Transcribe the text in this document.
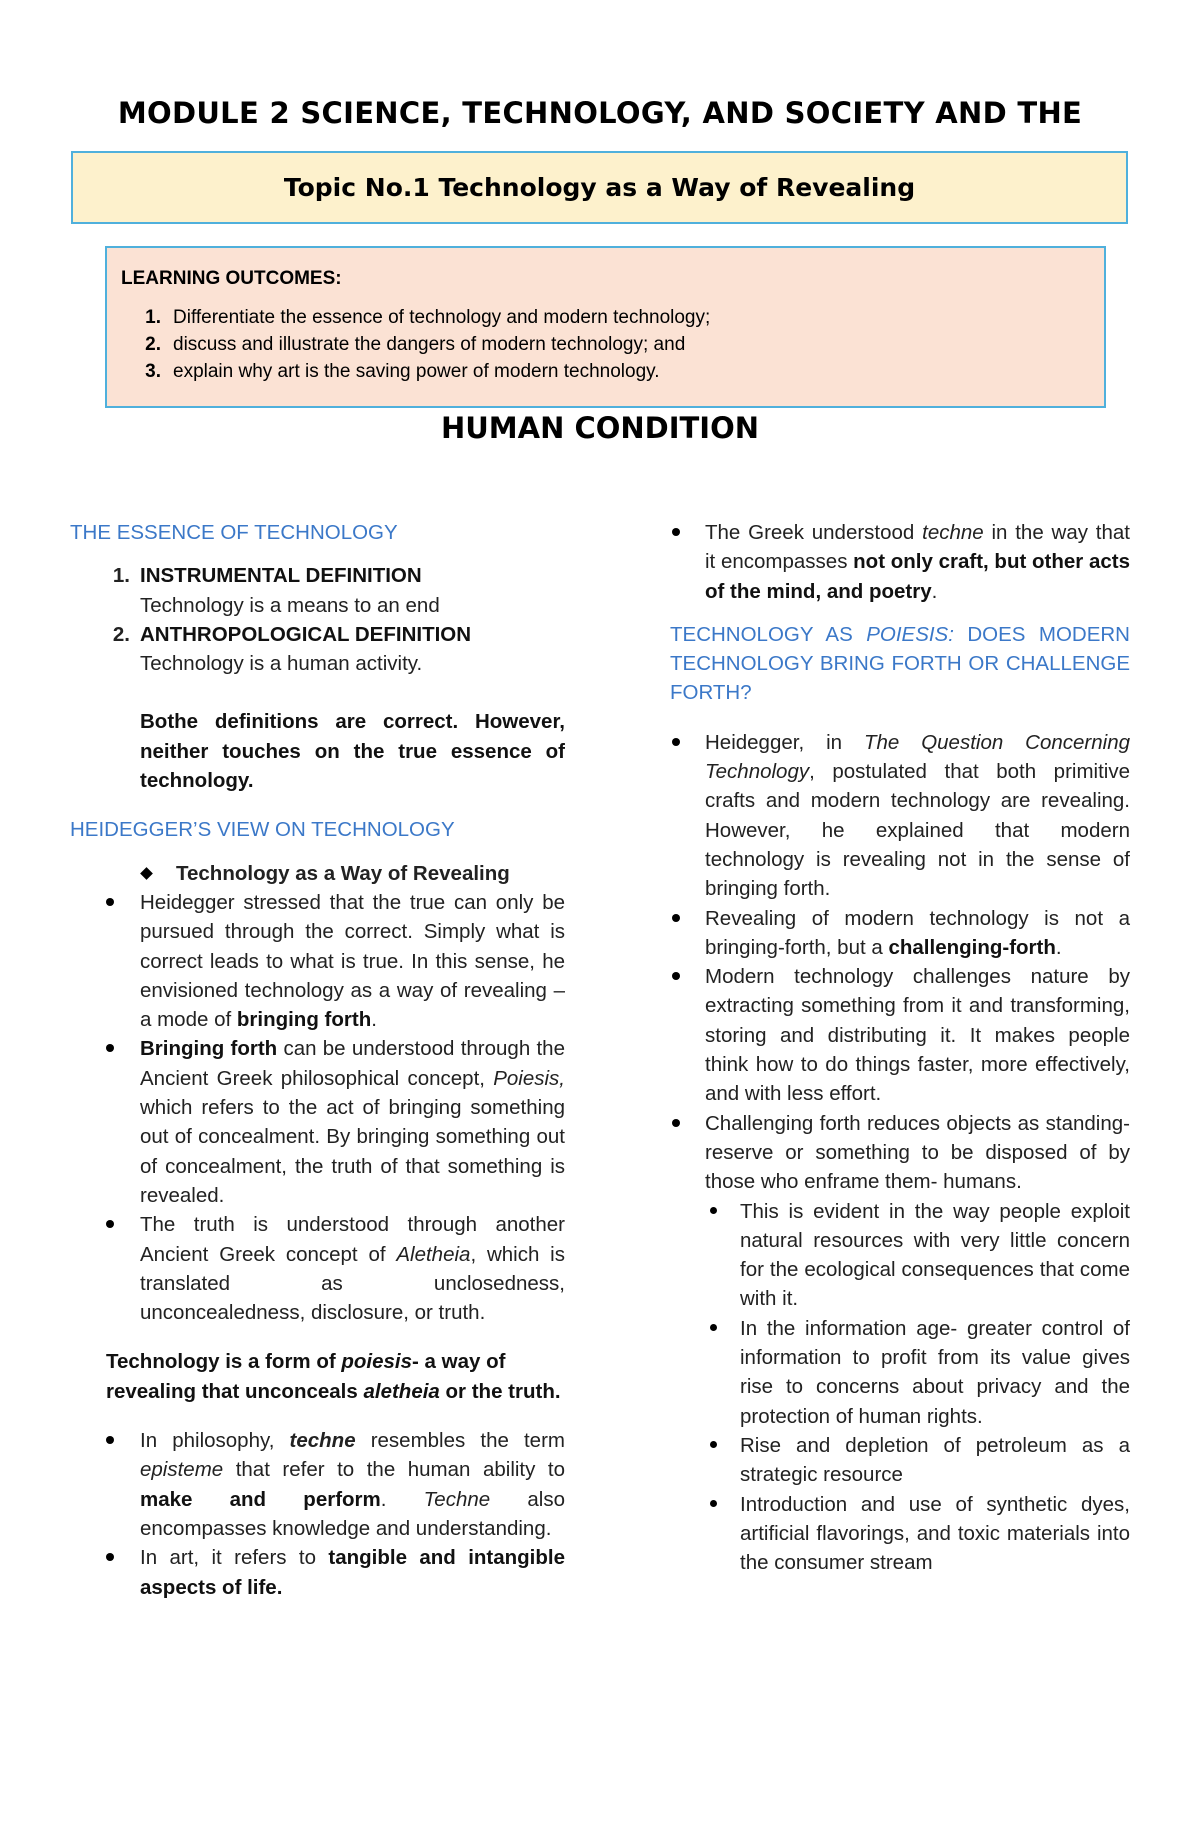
MODULE 2 SCIENCE, TECHNOLOGY, AND SOCIETY AND THE
Topic No.1 Technology as a Way of Revealing
LEARNING OUTCOMES:
1. Differentiate the essence of technology and modern technology;
2. discuss and illustrate the dangers of modern technology; and
3. explain why art is the saving power of modern technology.
HUMAN CONDITION
THE ESSENCE OF TECHNOLOGY
1. INSTRUMENTAL DEFINITION
Technology is a means to an end
2. ANTHROPOLOGICAL DEFINITION
Technology is a human activity.
Bothe definitions are correct. However, neither touches on the true essence of technology.
HEIDEGGER’S VIEW ON TECHNOLOGY
Technology as a Way of Revealing
Heidegger stressed that the true can only be pursued through the correct. Simply what is correct leads to what is true. In this sense, he envisioned technology as a way of revealing – a mode of bringing forth.
Bringing forth can be understood through the Ancient Greek philosophical concept, Poiesis, which refers to the act of bringing something out of concealment. By bringing something out of concealment, the truth of that something is revealed.
The truth is understood through another Ancient Greek concept of Aletheia, which is translated as unclosedness, unconcealedness, disclosure, or truth.
Technology is a form of poiesis- a way of revealing that unconceals aletheia or the truth.
In philosophy, techne resembles the term episteme that refer to the human ability to make and perform. Techne also encompasses knowledge and understanding.
In art, it refers to tangible and intangible aspects of life.
The Greek understood techne in the way that it encompasses not only craft, but other acts of the mind, and poetry.
TECHNOLOGY AS POIESIS: DOES MODERN TECHNOLOGY BRING FORTH OR CHALLENGE FORTH?
Heidegger, in The Question Concerning Technology, postulated that both primitive crafts and modern technology are revealing. However, he explained that modern technology is revealing not in the sense of bringing forth.
Revealing of modern technology is not a bringing-forth, but a challenging-forth.
Modern technology challenges nature by extracting something from it and transforming, storing and distributing it. It makes people think how to do things faster, more effectively, and with less effort.
Challenging forth reduces objects as standing-reserve or something to be disposed of by those who enframe them- humans.
This is evident in the way people exploit natural resources with very little concern for the ecological consequences that come with it.
In the information age- greater control of information to profit from its value gives rise to concerns about privacy and the protection of human rights.
Rise and depletion of petroleum as a strategic resource
Introduction and use of synthetic dyes, artificial flavorings, and toxic materials into the consumer stream
